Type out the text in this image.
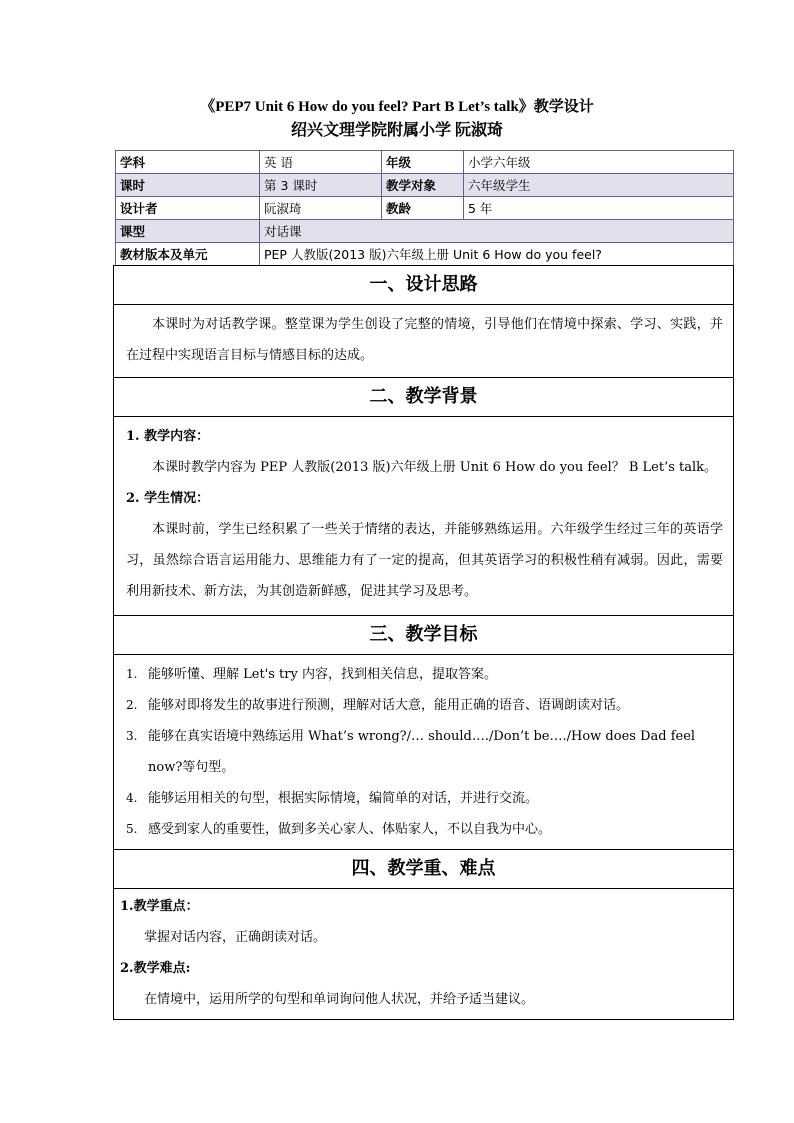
《PEP7 Unit 6 How do you feel? Part B Let’s talk》教学设计
绍兴文理学院附属小学 阮淑琦
学科	英 语	年级	小学六年级
课时	第 3 课时	教学对象	六年级学生
设计者	阮淑琦	教龄	5 年
课型	对话课		
教材版本及单元	PEP 人教版(2013 版)六年级上册 Unit 6 How do you feel?		
一、设计思路
本课时为对话教学课。整堂课为学生创设了完整的情境，引导他们在情境中探索、学习、实践，并在过程中实现语言目标与情感目标的达成。
二、教学背景
1. 教学内容：
本课时教学内容为 PEP 人教版(2013 版)六年级上册 Unit 6 How do you feel？ B Let’s talk。
2. 学生情况：
本课时前，学生已经积累了一些关于情绪的表达，并能够熟练运用。六年级学生经过三年的英语学习，虽然综合语言运用能力、思维能力有了一定的提高，但其英语学习的积极性稍有减弱。因此，需要利用新技术、新方法，为其创造新鲜感，促进其学习及思考。
三、教学目标
1. 能够听懂、理解 Let's try 内容，找到相关信息，提取答案。
2. 能够对即将发生的故事进行预测，理解对话大意，能用正确的语音、语调朗读对话。
3. 能够在真实语境中熟练运用 What’s wrong?/… should…./Don’t be…./How does Dad feel now?等句型。
4. 能够运用相关的句型，根据实际情境，编简单的对话，并进行交流。
5. 感受到家人的重要性，做到多关心家人、体贴家人，不以自我为中心。
四、教学重、难点
1.教学重点：
掌握对话内容，正确朗读对话。
2.教学难点:
在情境中，运用所学的句型和单词询问他人状况，并给予适当建议。
